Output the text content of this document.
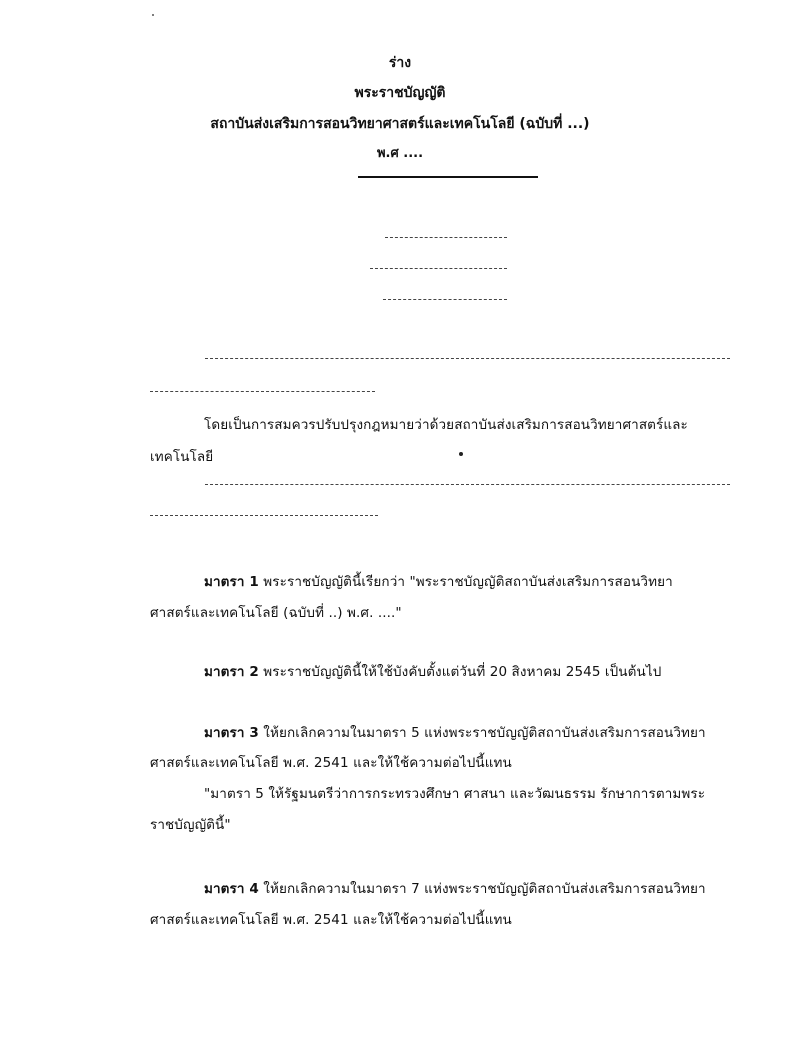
ร่าง
พระราชบัญญัติ
สถาบันส่งเสริมการสอนวิทยาศาสตร์และเทคโนโลยี (ฉบับที่ ...)
พ.ศ ....
โดยเป็นการสมควรปรับปรุงกฎหมายว่าด้วยสถาบันส่งเสริมการสอนวิทยาศาสตร์และ
เทคโนโลยี
มาตรา 1 พระราชบัญญัตินี้เรียกว่า "พระราชบัญญัติสถาบันส่งเสริมการสอนวิทยา
ศาสตร์และเทคโนโลยี (ฉบับที่ ..) พ.ศ. ...."
มาตรา 2 พระราชบัญญัตินี้ให้ใช้บังคับตั้งแต่วันที่ 20 สิงหาคม 2545 เป็นต้นไป
มาตรา 3 ให้ยกเลิกความในมาตรา 5 แห่งพระราชบัญญัติสถาบันส่งเสริมการสอนวิทยา
ศาสตร์และเทคโนโลยี พ.ศ. 2541 และให้ใช้ความต่อไปนี้แทน
"มาตรา 5 ให้รัฐมนตรีว่าการกระทรวงศึกษา ศาสนา และวัฒนธรรม รักษาการตามพระ
ราชบัญญัตินี้"
มาตรา 4 ให้ยกเลิกความในมาตรา 7 แห่งพระราชบัญญัติสถาบันส่งเสริมการสอนวิทยา
ศาสตร์และเทคโนโลยี พ.ศ. 2541 และให้ใช้ความต่อไปนี้แทน
